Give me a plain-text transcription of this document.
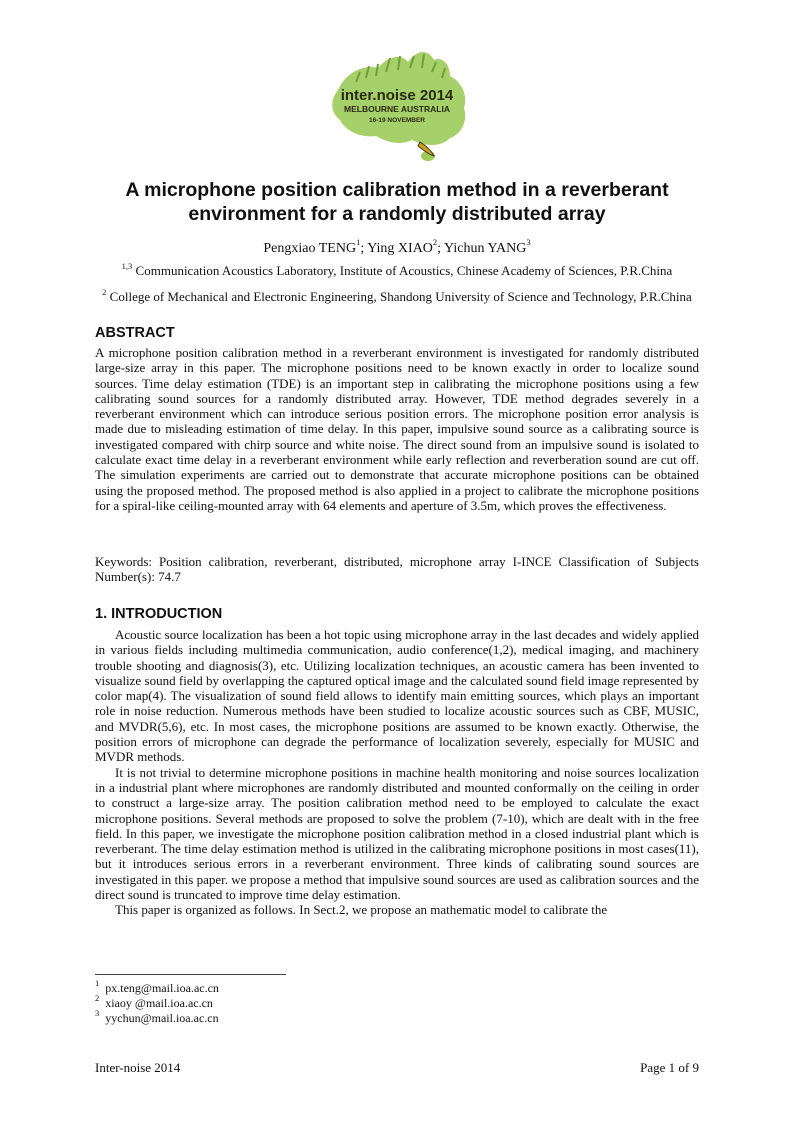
inter.noise 2014
MELBOURNE AUSTRALIA
16-19 NOVEMBER
A microphone position calibration method in a reverberant
environment for a randomly distributed array
Pengxiao TENG$^1$; Ying XIAO$^2$; Yichun YANG$^3$
$^{1,3}$ Communication Acoustics Laboratory, Institute of Acoustics, Chinese Academy of Sciences, P.R.China
$^2$ College of Mechanical and Electronic Engineering, Shandong University of Science and Technology, P.R.China
ABSTRACT
A microphone position calibration method in a reverberant environment is investigated for randomly distributed large-size array in this paper. The microphone positions need to be known exactly in order to localize sound sources. Time delay estimation (TDE) is an important step in calibrating the microphone positions using a few calibrating sound sources for a randomly distributed array. However, TDE method degrades severely in a reverberant environment which can introduce serious position errors. The microphone position error analysis is made due to misleading estimation of time delay. In this paper, impulsive sound source as a calibrating source is investigated compared with chirp source and white noise. The direct sound from an impulsive sound is isolated to calculate exact time delay in a reverberant environment while early reflection and reverberation sound are cut off. The simulation experiments are carried out to demonstrate that accurate microphone positions can be obtained using the proposed method. The proposed method is also applied in a project to calibrate the microphone positions for a spiral-like ceiling-mounted array with 64 elements and aperture of 3.5m, which proves the effectiveness.
Keywords: Position calibration, reverberant, distributed, microphone array I-INCE Classification of Subjects Number(s): 74.7
1. INTRODUCTION

Acoustic source localization has been a hot topic using microphone array in the last decades and widely applied in various fields including multimedia communication, audio conference(1,2), medical imaging, and machinery trouble shooting and diagnosis(3), etc. Utilizing localization techniques, an acoustic camera has been invented to visualize sound field by overlapping the captured optical image and the calculated sound field image represented by color map(4). The visualization of sound field allows to identify main emitting sources, which plays an important role in noise reduction. Numerous methods have been studied to localize acoustic sources such as CBF, MUSIC, and MVDR(5,6), etc. In most cases, the microphone positions are assumed to be known exactly. Otherwise, the position errors of microphone can degrade the performance of localization severely, especially for MUSIC and MVDR methods.

It is not trivial to determine microphone positions in machine health monitoring and noise sources localization in a industrial plant where microphones are randomly distributed and mounted conformally on the ceiling in order to construct a large-size array. The position calibration method need to be employed to calculate the exact microphone positions. Several methods are proposed to solve the problem (7-10), which are dealt with in the free field. In this paper, we investigate the microphone position calibration method in a closed industrial plant which is reverberant. The time delay estimation method is utilized in the calibrating microphone positions in most cases(11), but it introduces serious errors in a reverberant environment. Three kinds of calibrating sound sources are investigated in this paper. we propose a method that impulsive sound sources are used as calibration sources and the direct sound is truncated to improve time delay estimation.

This paper is organized as follows. In Sect.2, we propose an mathematic model to calibrate the

$^1$ px.teng@mail.ioa.ac.cn
$^2$ xiaoy @mail.ioa.ac.cn
$^3$ yychun@mail.ioa.ac.cn
Inter-noise 2014	Page 1 of 9
